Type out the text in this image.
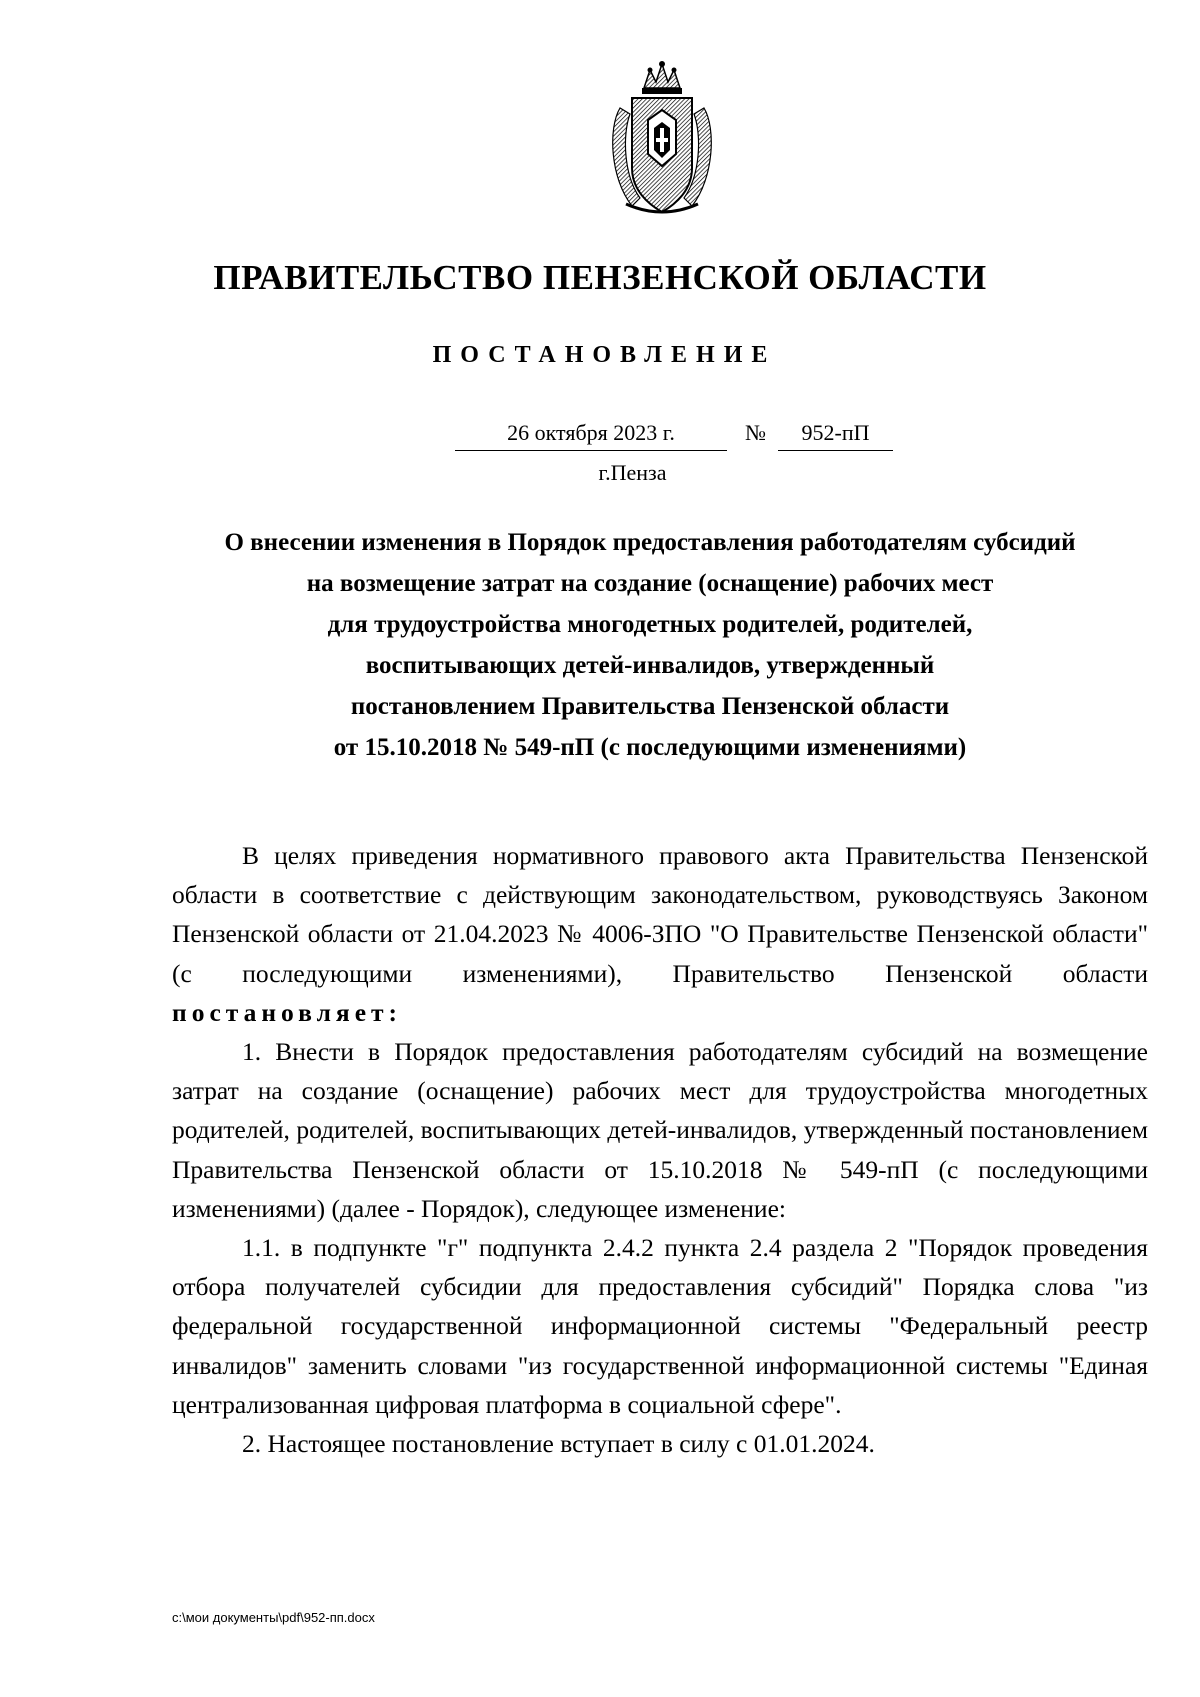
ПРАВИТЕЛЬСТВО ПЕНЗЕНСКОЙ ОБЛАСТИ
ПОСТАНОВЛЕНИЕ
26 октября 2023 г.	№	952-пП
г.Пенза
О внесении изменения в Порядок предоставления работодателям субсидий
на возмещение затрат на создание (оснащение) рабочих мест
для трудоустройства многодетных родителей, родителей,
воспитывающих детей-инвалидов, утвержденный
постановлением Правительства Пензенской области
от 15.10.2018 № 549-пП (с последующими изменениями)

В целях приведения нормативного правового акта Правительства Пензенской области в соответствие с действующим законодательством, руководствуясь Законом Пензенской области от 21.04.2023 № 4006-ЗПО "О Правительстве Пензенской области" (с последующими изменениями), Правительство Пензенской области постановляет:

1. Внести в Порядок предоставления работодателям субсидий на возмещение затрат на создание (оснащение) рабочих мест для трудоустройства многодетных родителей, родителей, воспитывающих детей-инвалидов, утвержденный постановлением Правительства Пензенской области от 15.10.2018 № 549-пП (с последующими изменениями) (далее - Порядок), следующее изменение:

1.1. в подпункте "г" подпункта 2.4.2 пункта 2.4 раздела 2 "Порядок проведения отбора получателей субсидии для предоставления субсидий" Порядка слова "из федеральной государственной информационной системы "Федеральный реестр инвалидов" заменить словами "из государственной информационной системы "Единая централизованная цифровая платформа в социальной сфере".

2. Настоящее постановление вступает в силу с 01.01.2024.

c:\мои документы\pdf\952-пп.docx
